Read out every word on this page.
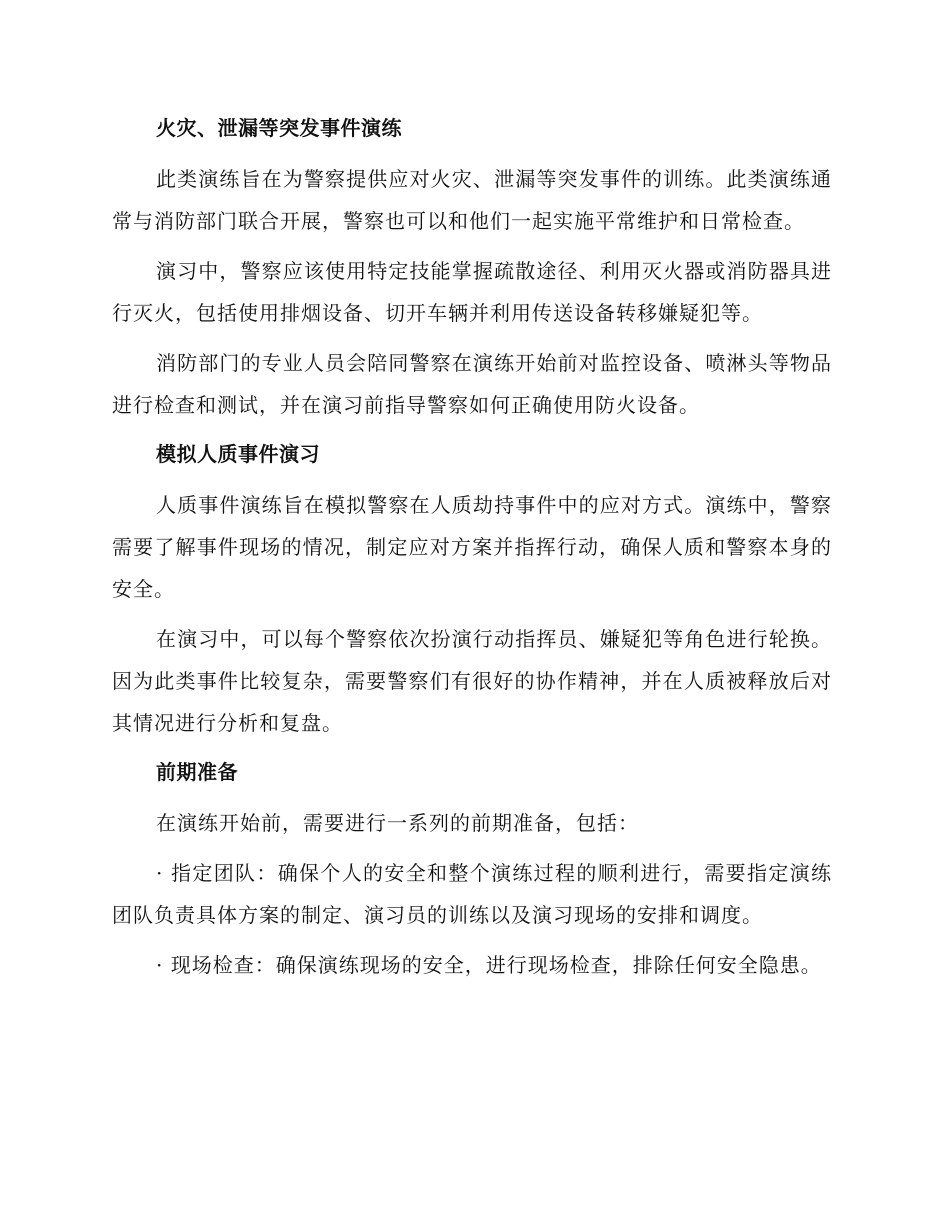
火灾、泄漏等突发事件演练

此类演练旨在为警察提供应对火灾、泄漏等突发事件的训练。此类演练通常与消防部门联合开展，警察也可以和他们一起实施平常维护和日常检查。

演习中，警察应该使用特定技能掌握疏散途径、利用灭火器或消防器具进行灭火，包括使用排烟设备、切开车辆并利用传送设备转移嫌疑犯等。

消防部门的专业人员会陪同警察在演练开始前对监控设备、喷淋头等物品进行检查和测试，并在演习前指导警察如何正确使用防火设备。

模拟人质事件演习

人质事件演练旨在模拟警察在人质劫持事件中的应对方式。演练中，警察需要了解事件现场的情况，制定应对方案并指挥行动，确保人质和警察本身的安全。

在演习中，可以每个警察依次扮演行动指挥员、嫌疑犯等角色进行轮换。因为此类事件比较复杂，需要警察们有很好的协作精神，并在人质被释放后对其情况进行分析和复盘。

前期准备

在演练开始前，需要进行一系列的前期准备，包括：

· 指定团队：确保个人的安全和整个演练过程的顺利进行，需要指定演练团队负责具体方案的制定、演习员的训练以及演习现场的安排和调度。

· 现场检查：确保演练现场的安全，进行现场检查，排除任何安全隐患。
